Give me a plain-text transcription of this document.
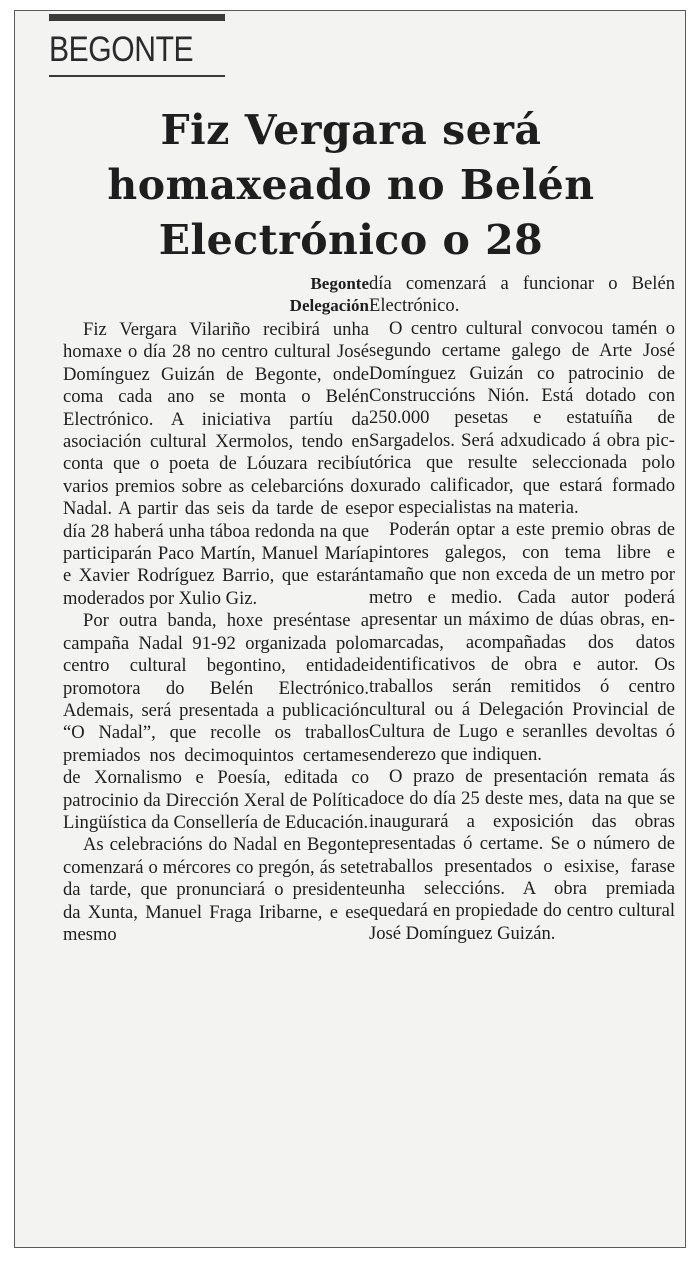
BEGONTE
Fiz Vergara será homaxeado no Belén Electrónico o 28
Begonte
Delegación

Fiz Vergara Vilariño recibirá unha homaxe o día 28 no centro cultural José Domínguez Guizán de Begonte, onde coma cada ano se monta o Belén Electrónico. A iniciativa partíu da asociación cultural Xermolos, tendo en conta que o poeta de Lóuzara recibíu varios premios sobre as celebarcións do Nadal. A partir das seis da tarde de ese día 28 haberá unha táboa redonda na que participarán Paco Martín, Manuel María e Xavier Rodríguez Barrio, que estarán moderados por Xulio Giz.

Por outra banda, hoxe preséntase a campaña Nadal 91-92 organizada polo centro cultural begontino, entidade promotora do Belén Electrónico. Ademais, será presentada a publicación “O Nadal”, que recolle os traballos premiados nos decimoquintos certames de Xornalismo e Poesía, editada co patrocinio da Dirección Xeral de Política Lingüística da Consellería de Educación.

As celebracións do Nadal en Begonte comenzará o mércores co pregón, ás sete da tarde, que pronunciará o presidente da Xunta, Manuel Fraga Iribarne, e ese mesmo

día comenzará a funcionar o Belén Electrónico.

O centro cultural convocou tamén o segundo certame galego de Arte José Domínguez Guizán co patrocinio de Construccións Nión. Está dotado con 250.000 pesetas e estatuíña de Sargadelos. Será adxudicado á obra pictórica que resulte seleccionada polo xurado calificador, que estará formado por especialistas na materia.

Poderán optar a este premio obras de pintores galegos, con tema libre e tamaño que non exceda de un metro por metro e medio. Cada autor poderá presentar un máximo de dúas obras, enmarcadas, acompañadas dos datos identificativos de obra e autor. Os traballos serán remitidos ó centro cultural ou á Delegación Provincial de Cultura de Lugo e seranlles devoltas ó enderezo que indiquen.

O prazo de presentación remata ás doce do día 25 deste mes, data na que se inaugurará a exposición das obras presentadas ó certame. Se o número de traballos presentados o esixise, farase unha seleccións. A obra premiada quedará en propiedade do centro cultural José Domínguez Guizán.
